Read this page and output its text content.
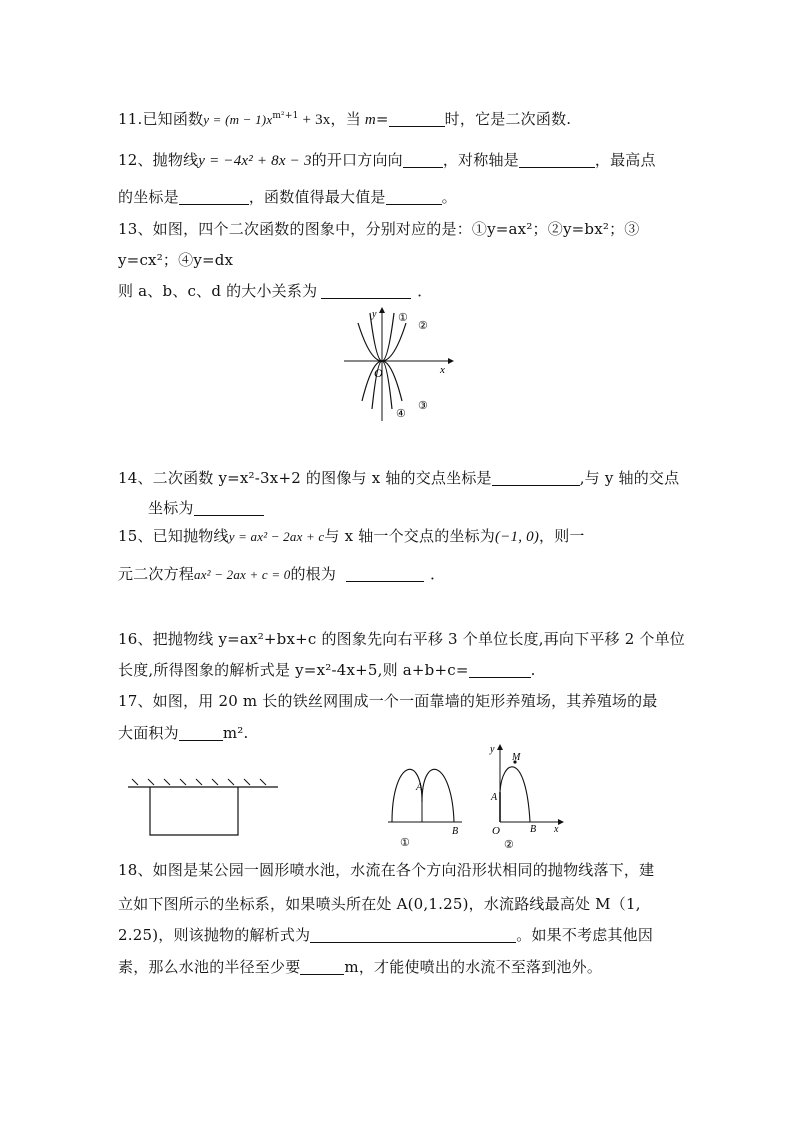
11.已知函数$y = (m - 1)x^{m^2+1} + 3x$，当 m=	时，它是二次函数.
12、抛物线y = −4x² + 8x − 3的开口方向向	，对称轴是	，最高点
的坐标是	，函数值得最大值是	。
13、如图，四个二次函数的图象中，分别对应的是：①y=ax²；②y=bx²；③
y=cx²；④y=dx
则 a、b、c、d 的大小关系为	．
①
②
③
④
x
y
O
14、二次函数 y=x²-3x+2 的图像与 x 轴的交点坐标是	,与 y 轴的交点
坐标为
15、已知抛物线y = ax² − 2ax + c与 x 轴一个交点的坐标为(−1, 0)，则一
元二次方程ax² − 2ax + c = 0的根为	．
16、把抛物线 y=ax²+bx+c 的图象先向右平移 3 个单位长度,再向下平移 2 个单位
长度,所得图象的解析式是 y=x²-4x+5,则 a+b+c=	.
17、如图，用 20 m 长的铁丝网围成一个一面靠墙的矩形养殖场，其养殖场的最
大面积为	m².
A
B
①
y
M
A
B
O	x
②
18、如图是某公园一圆形喷水池，水流在各个方向沿形状相同的抛物线落下，建
立如下图所示的坐标系，如果喷头所在处 A(0,1.25)，水流路线最高处 M（1,
2.25)，则该抛物的解析式为	。如果不考虑其他因
素，那么水池的半径至少要	m，才能使喷出的水流不至落到池外。
